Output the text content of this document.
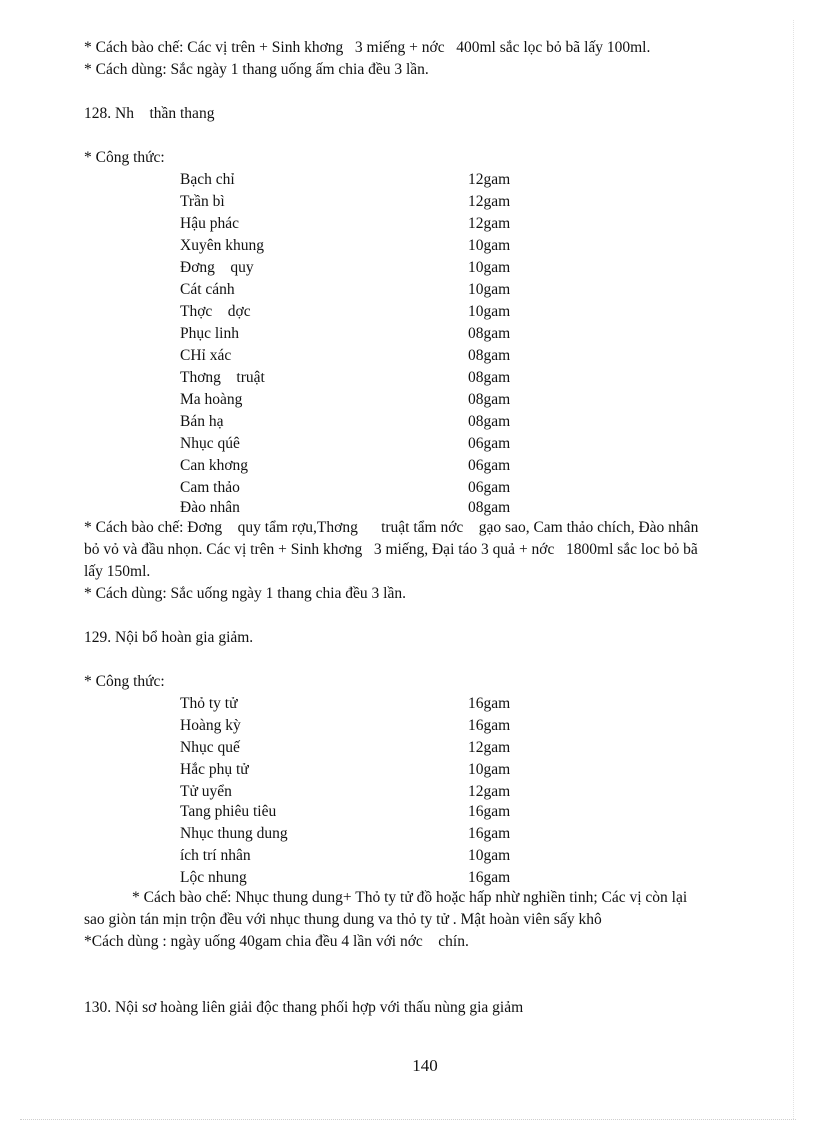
* Cách bào chế: Các vị trên + Sinh khơng   3 miếng + nớc   400ml sắc lọc bỏ bã lấy 100ml.
* Cách dùng: Sắc ngày 1 thang uống ấm chia đều 3 lần.
128. Nh    thần thang
* Công thức:
Bạch chỉ	12gam
Trần bì	12gam
Hậu phác	12gam
Xuyên khung	10gam
Đơng    quy	10gam
Cát cánh	10gam
Thợc    dợc	10gam
Phục linh	08gam
CHỉ xác	08gam
Thơng    truật	08gam
Ma hoàng	08gam
Bán hạ	08gam
Nhục qúê	06gam
Can khơng	06gam
Cam thảo	06gam
Đào nhân	08gam
* Cách bào chế: Đơng    quy tẩm rợu,Thơng      truật tẩm nớc    gạo sao, Cam thảo chích, Đào nhân
bỏ vỏ và đầu nhọn. Các vị trên + Sinh khơng   3 miếng, Đại táo 3 quả + nớc   1800ml sắc loc bỏ bã
lấy 150ml.
* Cách dùng: Sắc uống ngày 1 thang chia đều 3 lần.
129. Nội bổ hoàn gia giảm.
* Công thức:
Thỏ ty tử	16gam
Hoàng kỳ	16gam
Nhục quế	12gam
Hắc phụ tử	10gam
Tử uyển	12gam
Tang phiêu tiêu	16gam
Nhục thung dung	16gam
ích trí nhân	10gam
Lộc nhung	16gam
* Cách bào chế: Nhục thung dung+ Thỏ ty tử đồ hoặc hấp nhừ nghiền tinh; Các vị còn lại
sao giòn tán mịn trộn đều với nhục thung dung va thỏ ty tử . Mật hoàn viên sấy khô
*Cách dùng : ngày uống 40gam chia đều 4 lần với nớc    chín.
130. Nội sơ hoàng liên giải độc thang phối hợp với thấu nùng gia giảm
140
